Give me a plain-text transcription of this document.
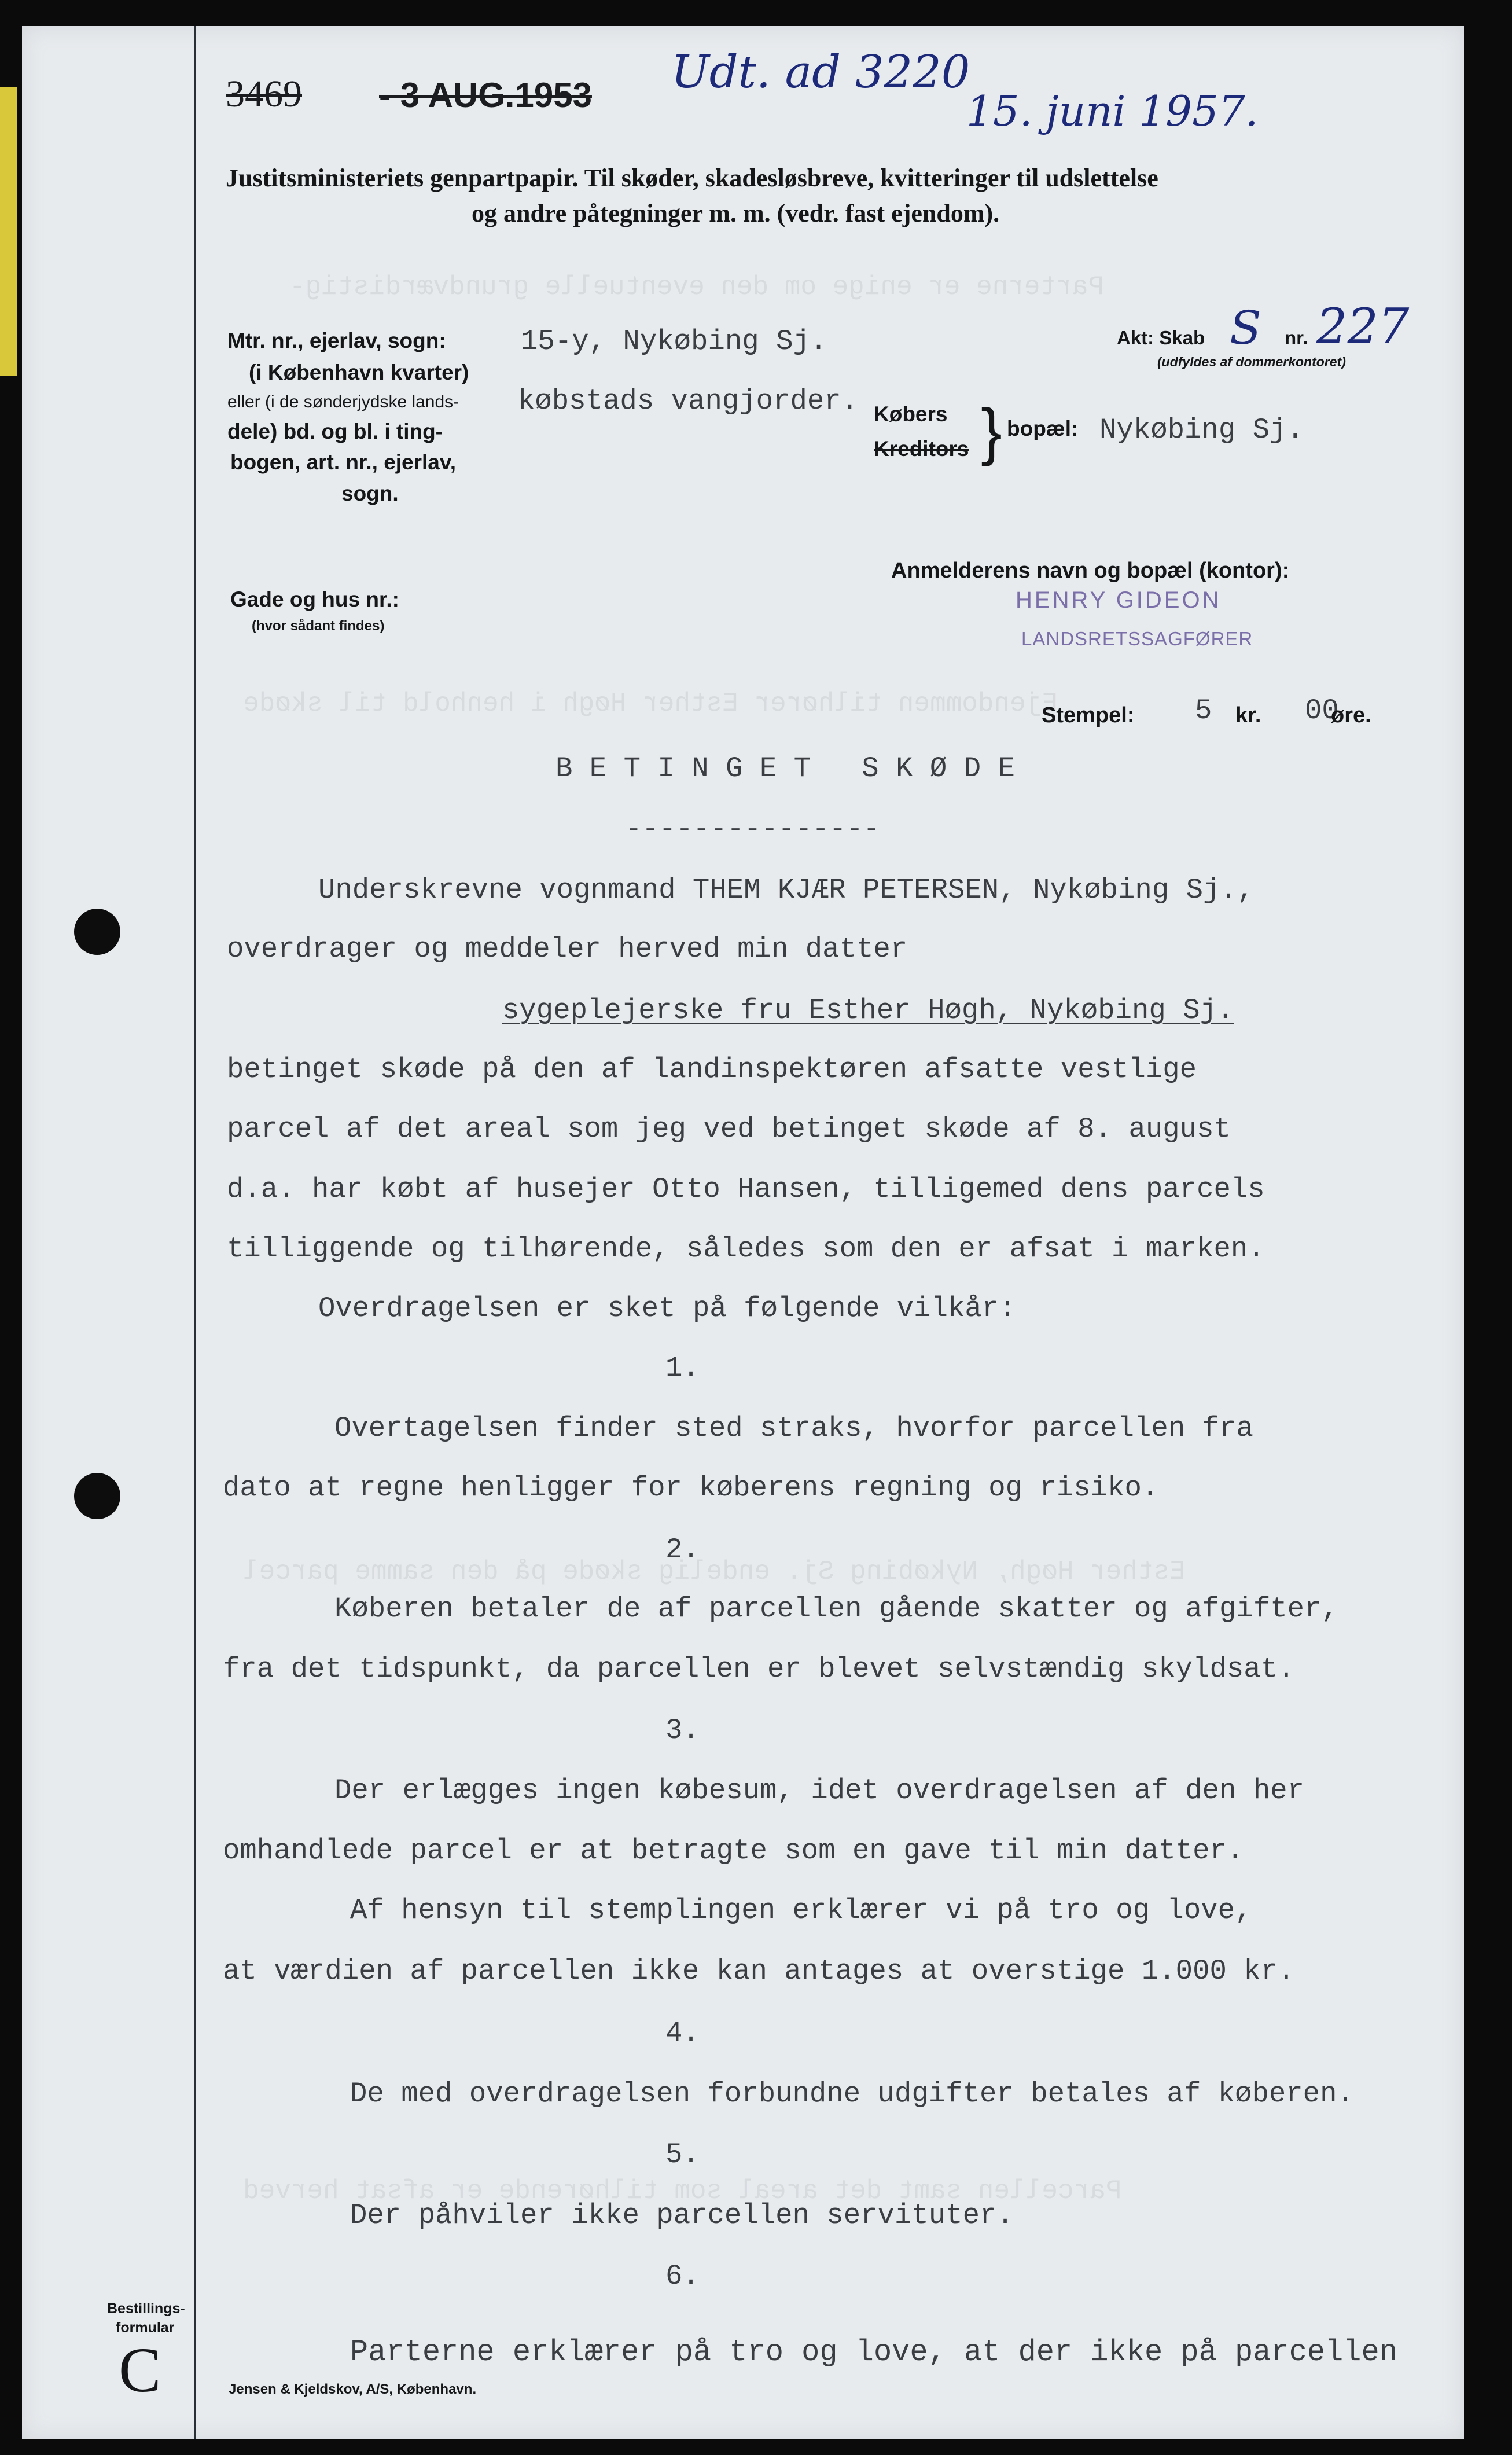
Parterne er enige om den eventuelle grundværdistig-
Ejendommen tilhører Esther Høgh i henhold til skøde
Esther Høgh, Nykøbing Sj. endelig skøde på den samme parcel
Parcellen samt det areal som tilhørende er afsat herved
3469 - 3 AUG.1953 Udt. ad 3220
15. juni 1957.
Justitsministeriets genpartpapir. Til skøder, skadesløsbreve, kvitteringer til udslettelse
og andre påtegninger m. m. (vedr. fast ejendom).
Mtr. nr., ejerlav, sogn:
(i København kvarter)
eller (i de sønderjydske lands-
dele) bd. og bl. i ting-
bogen, art. nr., ejerlav,
sogn.
Gade og hus nr.:
(hvor sådant findes)
15-y, Nykøbing Sj.
købstads vangjorder.
Akt: Skab S nr. 227
(udfyldes af dommerkontoret)
Købers
Kreditors } bopæl: Nykøbing Sj.
Anmelderens navn og bopæl (kontor):
HENRY GIDEON
LANDSRETSSAGFØRER
Stempel: 5 kr. 00
øre.
B E T I N G E T   S K Ø D E
---------------
Underskrevne vognmand THEM KJÆR PETERSEN, Nykøbing Sj.,
overdrager og meddeler herved min datter
sygeplejerske fru Esther Høgh, Nykøbing Sj.
betinget skøde på den af landinspektøren afsatte vestlige
parcel af det areal som jeg ved betinget skøde af 8. august
d.a. har købt af husejer Otto Hansen, tilligemed dens parcels
tilliggende og tilhørende, således som den er afsat i marken.
Overdragelsen er sket på følgende vilkår:
1.
Overtagelsen finder sted straks, hvorfor parcellen fra
dato at regne henligger for køberens regning og risiko.
2.
Køberen betaler de af parcellen gående skatter og afgifter,
fra det tidspunkt, da parcellen er blevet selvstændig skyldsat.
3.
Der erlægges ingen købesum, idet overdragelsen af den her
omhandlede parcel er at betragte som en gave til min datter.
Af hensyn til stemplingen erklærer vi på tro og love,
at værdien af parcellen ikke kan antages at overstige 1.000 kr.
4.
De med overdragelsen forbundne udgifter betales af køberen.
5.
Der påhviler ikke parcellen servituter.
6.
Parterne erklærer på tro og love, at der ikke på parcellen
Bestillings-
formular
C	Jensen & Kjeldskov, A/S, København.
